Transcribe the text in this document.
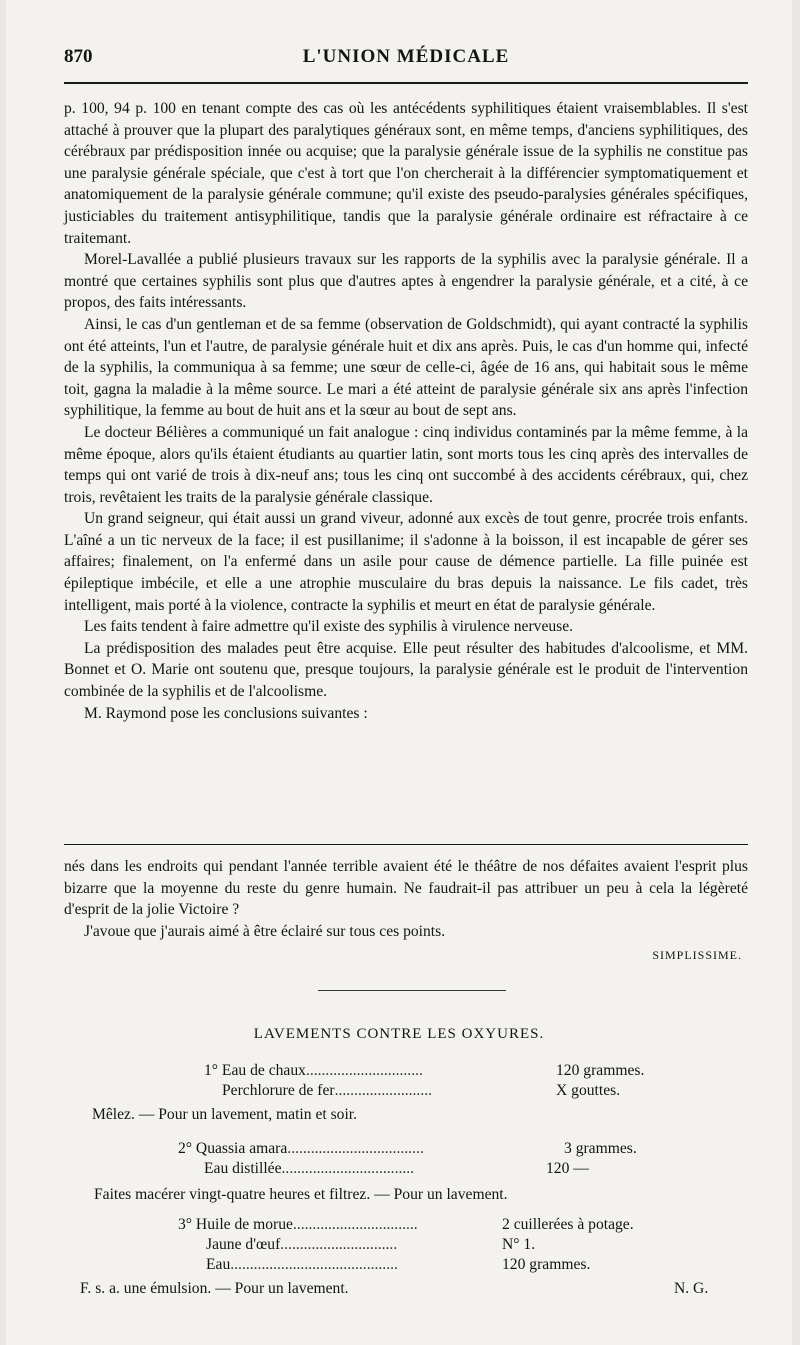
870	L'UNION MÉDICALE

p. 100, 94 p. 100 en tenant compte des cas où les antécédents syphilitiques étaient vraisemblables. Il s'est attaché à prouver que la plupart des paralytiques généraux sont, en même temps, d'anciens syphilitiques, des cérébraux par prédisposition innée ou acquise; que la paralysie générale issue de la syphilis ne constitue pas une paralysie générale spéciale, que c'est à tort que l'on chercherait à la différencier symptomatiquement et anatomiquement de la paralysie générale commune; qu'il existe des pseudo-paralysies générales spécifiques, justiciables du traitement antisyphilitique, tandis que la paralysie générale ordinaire est réfractaire à ce traitemant.

Morel-Lavallée a publié plusieurs travaux sur les rapports de la syphilis avec la paralysie générale. Il a montré que certaines syphilis sont plus que d'autres aptes à engendrer la paralysie générale, et a cité, à ce propos, des faits intéressants.

Ainsi, le cas d'un gentleman et de sa femme (observation de Goldschmidt), qui ayant contracté la syphilis ont été atteints, l'un et l'autre, de paralysie générale huit et dix ans après. Puis, le cas d'un homme qui, infecté de la syphilis, la communiqua à sa femme; une sœur de celle-ci, âgée de 16 ans, qui habitait sous le même toit, gagna la maladie à la même source. Le mari a été atteint de paralysie générale six ans après l'infection syphilitique, la femme au bout de huit ans et la sœur au bout de sept ans.

Le docteur Bélières a communiqué un fait analogue : cinq individus contaminés par la même femme, à la même époque, alors qu'ils étaient étudiants au quartier latin, sont morts tous les cinq après des intervalles de temps qui ont varié de trois à dix-neuf ans; tous les cinq ont succombé à des accidents cérébraux, qui, chez trois, revêtaient les traits de la paralysie générale classique.

Un grand seigneur, qui était aussi un grand viveur, adonné aux excès de tout genre, procrée trois enfants. L'aîné a un tic nerveux de la face; il est pusillanime; il s'adonne à la boisson, il est incapable de gérer ses affaires; finalement, on l'a enfermé dans un asile pour cause de démence partielle. La fille puinée est épileptique imbécile, et elle a une atrophie musculaire du bras depuis la naissance. Le fils cadet, très intelligent, mais porté à la violence, contracte la syphilis et meurt en état de paralysie générale.

Les faits tendent à faire admettre qu'il existe des syphilis à virulence nerveuse.

La prédisposition des malades peut être acquise. Elle peut résulter des habitudes d'alcoolisme, et MM. Bonnet et O. Marie ont soutenu que, presque toujours, la paralysie générale est le produit de l'intervention combinée de la syphilis et de l'alcoolisme.

M. Raymond pose les conclusions suivantes :

nés dans les endroits qui pendant l'année terrible avaient été le théâtre de nos défaites avaient l'esprit plus bizarre que la moyenne du reste du genre humain. Ne faudrait-il pas attribuer un peu à cela la légèreté d'esprit de la jolie Victoire ?

J'avoue que j'aurais aimé à être éclairé sur tous ces points.

SIMPLISSIME.
LAVEMENTS CONTRE LES OXYURES.
1° Eau de chaux ..............................	120 grammes.
Perchlorure de fer .........................	X gouttes.
Mêlez. — Pour un lavement, matin et soir.
2° Quassia amara ...................................	3 grammes.
Eau distillée ..................................	120 —
Faites macérer vingt-quatre heures et filtrez. — Pour un lavement.
3° Huile de morue ................................	2 cuillerées à potage.
Jaune d'œuf ..............................	N° 1.
Eau ...........................................	120 grammes.
F. s. a. une émulsion. — Pour un lavement.	N. G.
